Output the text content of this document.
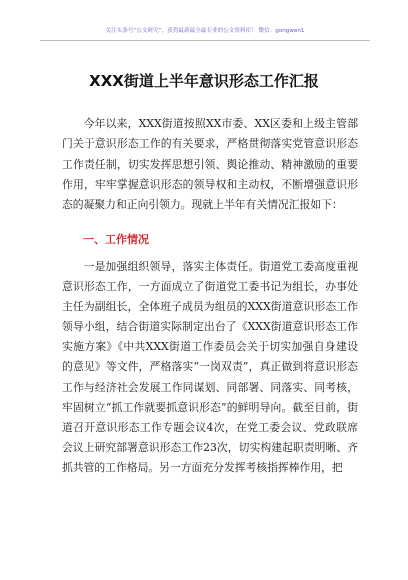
关注头条号“公文研究”，获得最新最全最专业的公文资料库！ 微信：gongwen1
XXX街道上半年意识形态工作汇报

今年以来，XXX街道按照XX市委、XX区委和上级主管部门关于意识形态工作的有关要求，严格贯彻落实党管意识形态工作责任制，切实发挥思想引领、舆论推动、精神激励的重要作用，牢牢掌握意识形态的领导权和主动权，不断增强意识形态的凝聚力和正向引领力。现就上半年有关情况汇报如下：

一、工作情况

一是加强组织领导，落实主体责任。街道党工委高度重视意识形态工作，一方面成立了街道党工委书记为组长，办事处主任为副组长，全体班子成员为组员的XXX街道意识形态工作领导小组，结合街道实际制定出台了《XXX街道意识形态工作实施方案》《中共XXX街道工作委员会关于切实加强自身建设的意见》等文件，严格落实“一岗双责”，真正做到将意识形态工作与经济社会发展工作同谋划、同部署、同落实、同考核，牢固树立“抓工作就要抓意识形态”的鲜明导向。截至目前，街道召开意识形态工作专题会议4次，在党工委会议、党政联席会议上研究部署意识形态工作23次，切实构建起职责明晰、齐抓共管的工作格局。另一方面充分发挥考核指挥棒作用，把
